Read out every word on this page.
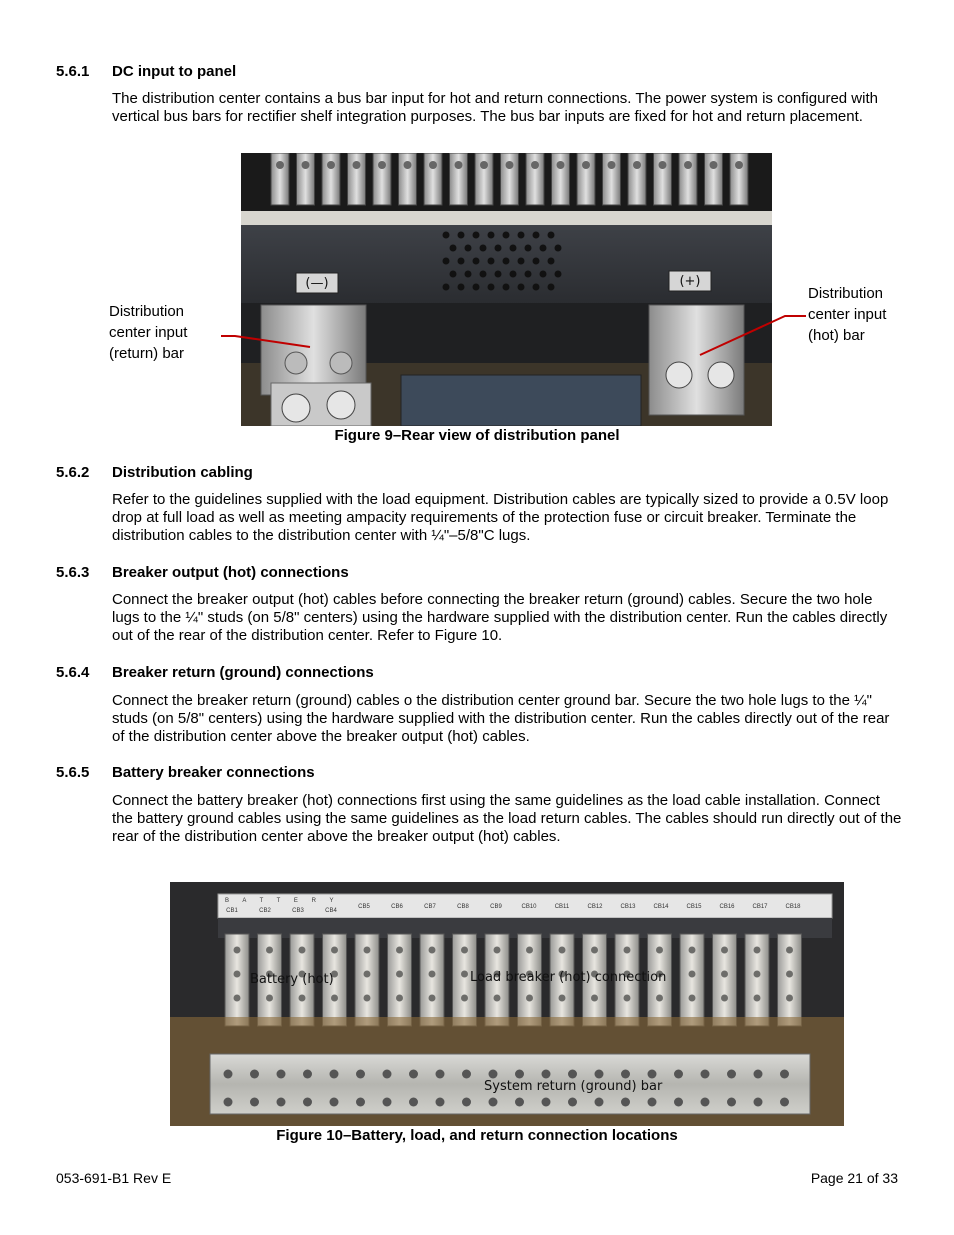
5.6.1 DC input to panel
The distribution center contains a bus bar input for hot and return connections. The power system is configured with vertical bus bars for rectifier shelf integration purposes. The bus bar inputs are fixed for hot and return placement.
(—)	(+)
Distribution
center input
(return) bar
Distribution
center input
(hot) bar
Figure 9–Rear view of distribution panel
5.6.2 Distribution cabling
Refer to the guidelines supplied with the load equipment. Distribution cables are typically sized to provide a 0.5V loop drop at full load as well as meeting ampacity requirements of the protection fuse or circuit breaker. Terminate the distribution cables to the distribution center with ¼"–5/8"C lugs.
5.6.3 Breaker output (hot) connections
Connect the breaker output (hot) cables before connecting the breaker return (ground) cables. Secure the two hole lugs to the ¼" studs (on 5/8" centers) using the hardware supplied with the distribution center. Run the cables directly out of the rear of the distribution center. Refer to Figure 10.
5.6.4 Breaker return (ground) connections
Connect the breaker return (ground) cables o the distribution center ground bar. Secure the two hole lugs to the ¼" studs (on 5/8" centers) using the hardware supplied with the distribution center. Run the cables directly out of the rear of the distribution center above the breaker output (hot) cables.
5.6.5 Battery breaker connections
Connect the battery breaker (hot) connections first using the same guidelines as the load cable installation. Connect the battery ground cables using the same guidelines as the load return cables. The cables should run directly out of the rear of the distribution center above the breaker output (hot) cables.
B A T T E R Y
CB1	CB2	CB3	CB4
CB5	CB6	CB7	CB8	CB9	CB10	CB11	CB12	CB13	CB14	CB15	CB16	CB17	CB18
Battery (hot)	Load breaker (hot) connection
System return (ground) bar
Figure 10–Battery, load, and return connection locations
053-691-B1 Rev E	Page 21 of 33
